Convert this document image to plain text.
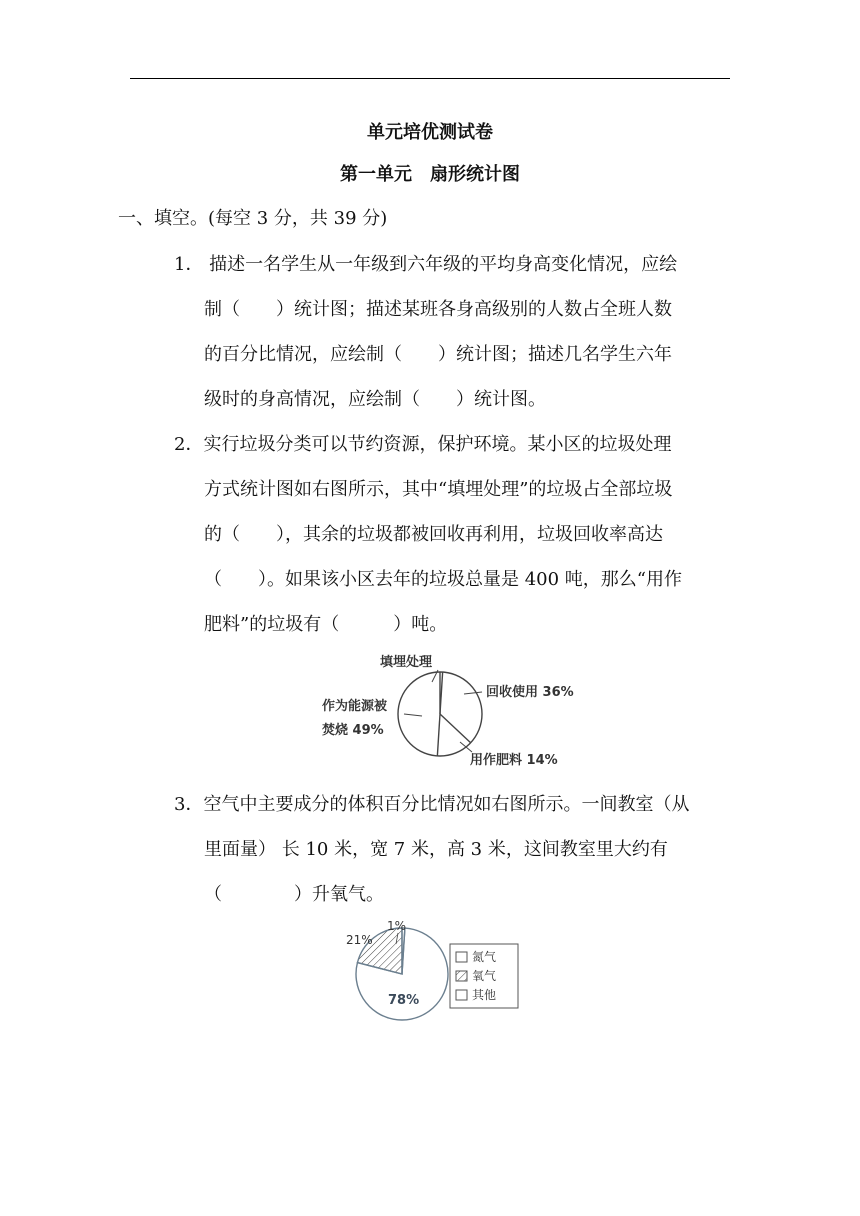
单元培优测试卷
第一单元　扇形统计图
一、填空。(每空 3 分，共 39 分)
1． 描述一名学生从一年级到六年级的平均身高变化情况，应绘
制（　　）统计图；描述某班各身高级别的人数占全班人数
的百分比情况，应绘制（　　）统计图；描述几名学生六年
级时的身高情况，应绘制（　　）统计图。
2．实行垃圾分类可以节约资源，保护环境。某小区的垃圾处理
方式统计图如右图所示，其中“填埋处理”的垃圾占全部垃圾
的（　　），其余的垃圾都被回收再利用，垃圾回收率高达
（　　）。如果该小区去年的垃圾总量是 400 吨，那么“用作
肥料”的垃圾有（　　　）吨。
填埋处理
回收使用 36%
用作肥料 14%
作为能源被
焚烧 49%
3．空气中主要成分的体积百分比情况如右图所示。一间教室（从
里面量） 长 10 米，宽 7 米，高 3 米，这间教室里大约有
（　　　　）升氧气。
78%
21%
1%
氮气
氧气
其他
